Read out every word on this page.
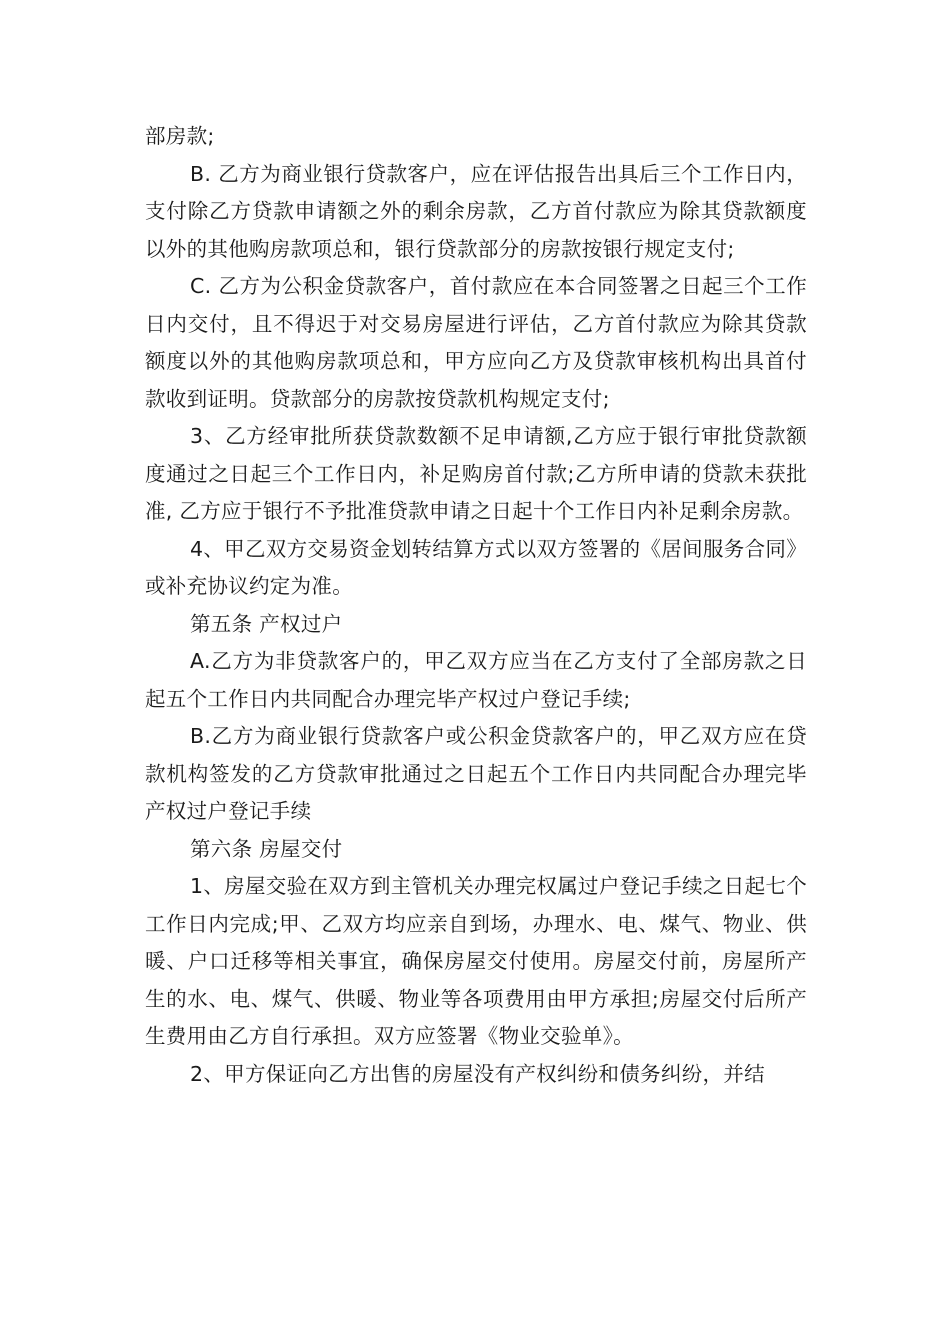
部房款;

B. 乙方为商业银行贷款客户，应在评估报告出具后三个工作日内，支付除乙方贷款申请额之外的剩余房款，乙方首付款应为除其贷款额度以外的其他购房款项总和，银行贷款部分的房款按银行规定支付;

C. 乙方为公积金贷款客户，首付款应在本合同签署之日起三个工作日内交付，且不得迟于对交易房屋进行评估，乙方首付款应为除其贷款额度以外的其他购房款项总和，甲方应向乙方及贷款审核机构出具首付款收到证明。贷款部分的房款按贷款机构规定支付;

3、乙方经审批所获贷款数额不足申请额,乙方应于银行审批贷款额度通过之日起三个工作日内，补足购房首付款;乙方所申请的贷款未获批准, 乙方应于银行不予批准贷款申请之日起十个工作日内补足剩余房款。

4、甲乙双方交易资金划转结算方式以双方签署的《居间服务合同》或补充协议约定为准。

第五条 产权过户

A.乙方为非贷款客户的，甲乙双方应当在乙方支付了全部房款之日起五个工作日内共同配合办理完毕产权过户登记手续;

B.乙方为商业银行贷款客户或公积金贷款客户的，甲乙双方应在贷款机构签发的乙方贷款审批通过之日起五个工作日内共同配合办理完毕产权过户登记手续

第六条 房屋交付

1、房屋交验在双方到主管机关办理完权属过户登记手续之日起七个工作日内完成;甲、乙双方均应亲自到场，办理水、电、煤气、物业、供暖、户口迁移等相关事宜，确保房屋交付使用。房屋交付前，房屋所产生的水、电、煤气、供暖、物业等各项费用由甲方承担;房屋交付后所产生费用由乙方自行承担。双方应签署《物业交验单》。

2、甲方保证向乙方出售的房屋没有产权纠纷和债务纠纷，并结
